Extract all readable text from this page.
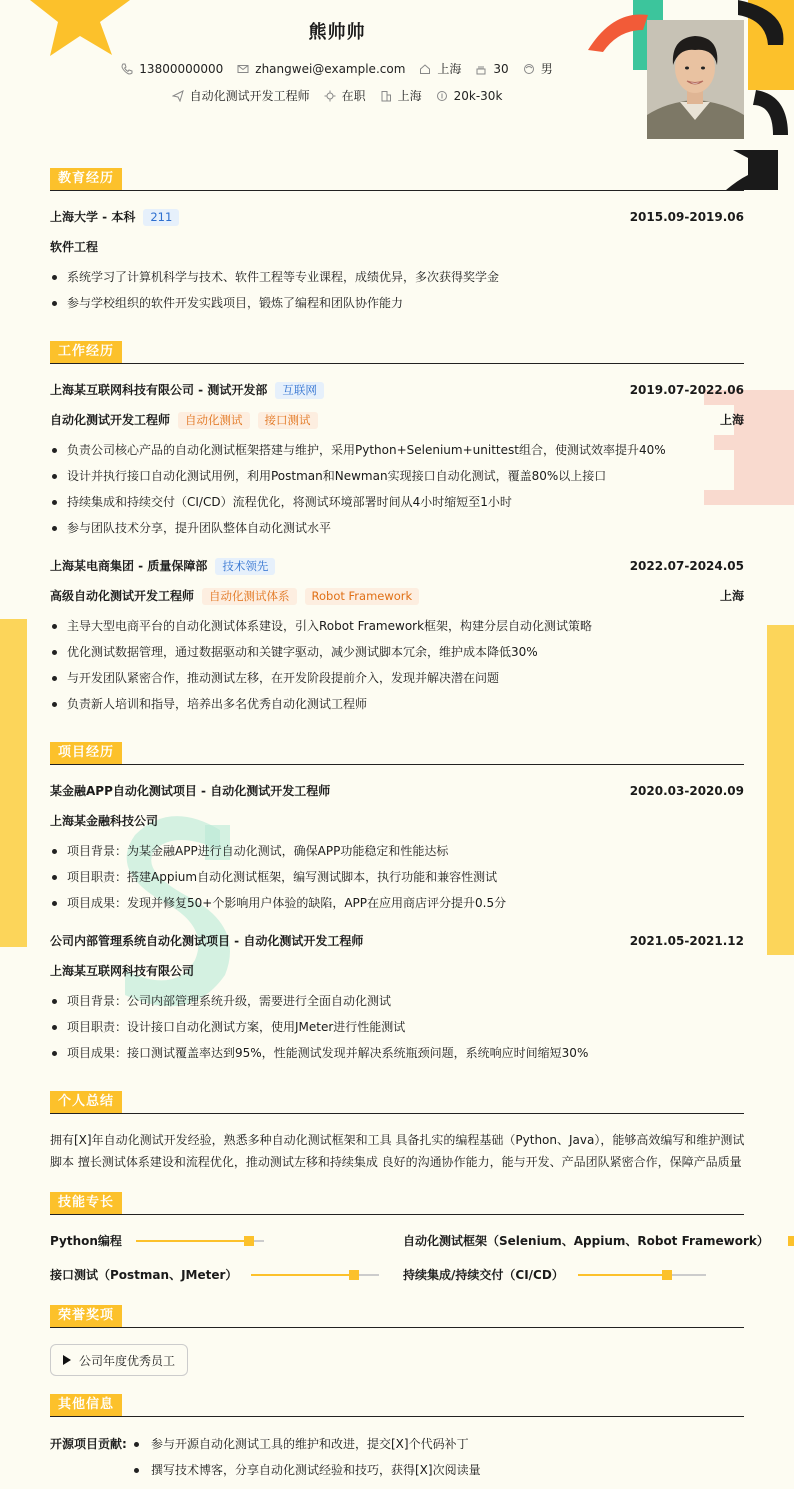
熊帅帅
13800000000	zhangwei@example.com	上海	30	男
自动化测试开发工程师	在职	上海	20k-30k
教育经历
上海大学 - 本科	211	2015.09-2019.06
软件工程
系统学习了计算机科学与技术、软件工程等专业课程，成绩优异，多次获得奖学金
参与学校组织的软件开发实践项目，锻炼了编程和团队协作能力
工作经历
上海某互联网科技有限公司 - 测试开发部	互联网	2019.07-2022.06
自动化测试开发工程师	自动化测试	接口测试	上海
负责公司核心产品的自动化测试框架搭建与维护，采用Python+Selenium+unittest组合，使测试效率提升40%
设计并执行接口自动化测试用例，利用Postman和Newman实现接口自动化测试，覆盖80%以上接口
持续集成和持续交付（CI/CD）流程优化，将测试环境部署时间从4小时缩短至1小时
参与团队技术分享，提升团队整体自动化测试水平
上海某电商集团 - 质量保障部	技术领先	2022.07-2024.05
高级自动化测试开发工程师	自动化测试体系	Robot Framework	上海
主导大型电商平台的自动化测试体系建设，引入Robot Framework框架，构建分层自动化测试策略
优化测试数据管理，通过数据驱动和关键字驱动，减少测试脚本冗余，维护成本降低30%
与开发团队紧密合作，推动测试左移，在开发阶段提前介入，发现并解决潜在问题
负责新人培训和指导，培养出多名优秀自动化测试工程师
项目经历
某金融APP自动化测试项目 - 自动化测试开发工程师	2020.03-2020.09
上海某金融科技公司
项目背景：为某金融APP进行自动化测试，确保APP功能稳定和性能达标
项目职责：搭建Appium自动化测试框架，编写测试脚本，执行功能和兼容性测试
项目成果：发现并修复50+个影响用户体验的缺陷，APP在应用商店评分提升0.5分
公司内部管理系统自动化测试项目 - 自动化测试开发工程师	2021.05-2021.12
上海某互联网科技有限公司
项目背景：公司内部管理系统升级，需要进行全面自动化测试
项目职责：设计接口自动化测试方案，使用JMeter进行性能测试
项目成果：接口测试覆盖率达到95%，性能测试发现并解决系统瓶颈问题，系统响应时间缩短30%
个人总结
拥有[X]年自动化测试开发经验，熟悉多种自动化测试框架和工具 具备扎实的编程基础（Python、Java），能够高效编写和维护测试
脚本 擅长测试体系建设和流程优化，推动测试左移和持续集成 良好的沟通协作能力，能与开发、产品团队紧密合作，保障产品质量
技能专长
Python编程	自动化测试框架（Selenium、Appium、Robot Framework）
接口测试（Postman、JMeter）	持续集成/持续交付（CI/CD）
荣誉奖项
公司年度优秀员工
其他信息
开源项目贡献:	参与开源自动化测试工具的维护和改进，提交[X]个代码补丁
撰写技术博客，分享自动化测试经验和技巧，获得[X]次阅读量
